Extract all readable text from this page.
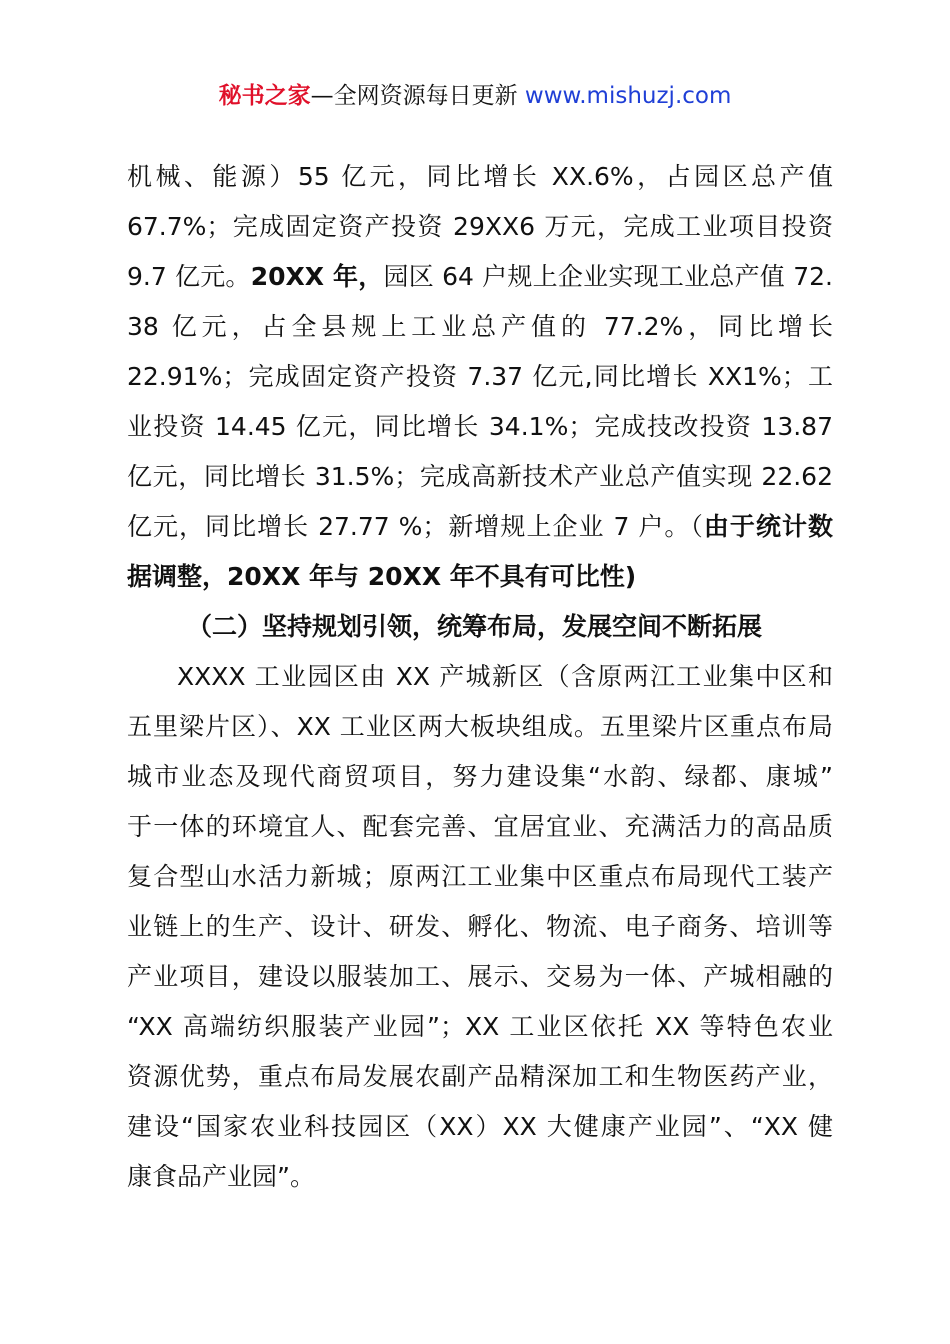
秘书之家—全网资源每日更新 www.mishuzj.com
机械、能源）55 亿元，同比增长 XX.6%，占园区总产值
67.7%；完成固定资产投资 29XX6 万元，完成工业项目投资
9.7 亿元。20XX 年，园区 64 户规上企业实现工业总产值 72.
38 亿元，占全县规上工业总产值的 77.2%，同比增长
22.91%；完成固定资产投资 7.37 亿元,同比增长 XX1%；工
业投资 14.45 亿元，同比增长 34.1%；完成技改投资 13.87
亿元，同比增长 31.5%；完成高新技术产业总产值实现 22.62
亿元，同比增长 27.77 %；新增规上企业 7 户。（由于统计数
据调整，20XX 年与 20XX 年不具有可比性)
（二）坚持规划引领，统筹布局，发展空间不断拓展
XXXX 工业园区由 XX 产城新区（含原两江工业集中区和
五里梁片区）、XX 工业区两大板块组成。五里梁片区重点布局
城市业态及现代商贸项目，努力建设集“水韵、绿都、康城”
于一体的环境宜人、配套完善、宜居宜业、充满活力的高品质
复合型山水活力新城；原两江工业集中区重点布局现代工装产
业链上的生产、设计、研发、孵化、物流、电子商务、培训等
产业项目，建设以服装加工、展示、交易为一体、产城相融的
“XX 高端纺织服装产业园”；XX 工业区依托 XX 等特色农业
资源优势，重点布局发展农副产品精深加工和生物医药产业，
建设“国家农业科技园区（XX）XX 大健康产业园”、“XX 健
康食品产业园”。
